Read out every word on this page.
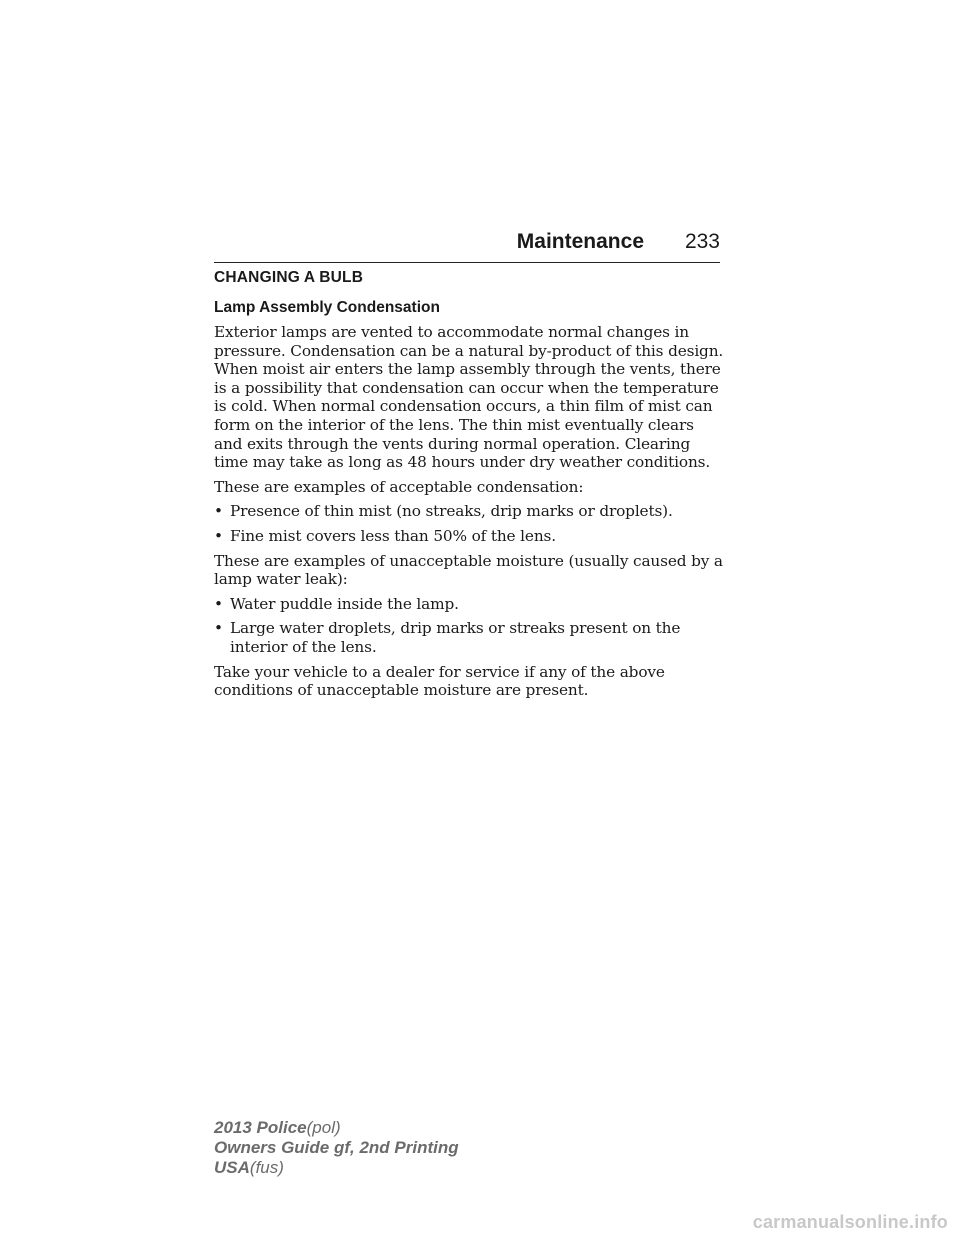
Maintenance 233
CHANGING A BULB
Lamp Assembly Condensation

Exterior lamps are vented to accommodate normal changes in pressure. Condensation can be a natural by-product of this design. When moist air enters the lamp assembly through the vents, there is a possibility that condensation can occur when the temperature is cold. When normal condensation occurs, a thin film of mist can form on the interior of the lens. The thin mist eventually clears and exits through the vents during normal operation. Clearing time may take as long as 48 hours under dry weather conditions.

These are examples of acceptable condensation:

• Presence of thin mist (no streaks, drip marks or droplets).
• Fine mist covers less than 50% of the lens.

These are examples of unacceptable moisture (usually caused by a lamp water leak):

• Water puddle inside the lamp.
• Large water droplets, drip marks or streaks present on the interior of the lens.

Take your vehicle to a dealer for service if any of the above conditions of unacceptable moisture are present.

2013 Police(pol)
Owners Guide gf, 2nd Printing
USA(fus)
carmanualsonline.info
